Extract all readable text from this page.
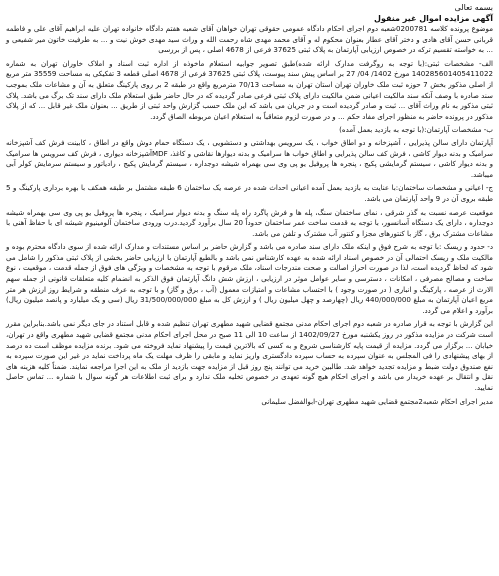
بسمه تعالی

آگهی مزایده اموال غیر منقول

موضوع پرونده کلاسه 0200781شعبه دوم اجرای احکام دادگاه عمومی حقوقی تهران خواهان آقای شعبه هفتم دادگاه خانواده تهران علیه ابراهیم آقای علی و فاطمه قربانی حسن آقای هادی و دختر آقای عطار بعنوان محکوم له و آقای محمد مهدی شاه رحمت الله و وراث سید مهدی خوش نیت و ... به طرفیت خاتون میر شفیعی و ... به خواسته تقسیم ترکه در خصوص ارزیابی آپارتمان به پلاک ثبتی 37625 فرعی از 4678 اصلی ، پس از بررسی

الف- مشخصات ثبتی:(با توجه به روگرفت مدارک ارائه شده)طبق تصویر جوابیه استعلام ماخوذه از اداره ثبت اسناد و املاک خاوران تهران به شماره 140285601405411022 مورخ 1402/ 04/ 27 بر اساس پیش سند پیوست، پلاک ثبتی 37625 فرعی از 4678 اصلی قطعه 3 تفکیکی به مساحت 35559 متر مربع از اصلی مذکور بخش 7 حوزه ثبت ملک خاوران تهران استان تهران به مساحت 70/13 مترمربع واقع در طبقه 2 بر روی پارکینگ متعلق به آن و مشاعات ملک بموجب سند صادره با وصف آنکه سند مالکیت اعیانی ضمن مالکیت دارای پلاک ثبتی فرعی صادر گردیده که در حال حاضر طبق استعلام ملک دارای سند تک برگ می باشد. پلاک ثبتی مذکور به نام وراث آقای ... ثبت و صادر گردیده است و در جریان می باشد که این ملک حسب گزارش واحد ثبتی از طریق ... بعنوان ملک غیر قابل ... که از پلاک مذکور در پرونده حاضر به منظور اجرای مفاد حکم ... و در صورت لزوم متعاقباً به استعلام اعیان مربوطه الصاق گردد.

ب- مشخصات آپارتمان:(با توجه به بازدید بعمل آمده)

آپارتمان دارای سالن پذیرایی ، آشپزخانه و دو اطاق خواب ، یک سرویس بهداشتی و دستشویی ، یک دستگاه حمام دوش واقع در اطاق ، کابینت فرش کف آشپزخانه سرامیک و بدنه دیوار کاشی ، فرش کف سالن پذیرایی و اطاق خواب ها سرامیک و بدنه دیوارها نقاشی و کاغذ، MDFآشپزخانه دیواری ، فرش کف سرویس ها سرامیک و بدنه دیوار کاشی ، سیستم گرمایشی پکیج ، پنجره ها پروفیل یو پی وی سی بهمراه شیشه دوجداره ، سیستم گرمایش پکیج ، رادیاتور و سیستم سرمایش کولر آبی میباشد.

ج- اعیانی و مشخصات ساختمان:با عنایت به بازدید بعمل آمده اعیانی احداث شده در عرصه یک ساختمان 6 طبقه مشتمل بر طبقه همکف با بهره برداری پارکینگ و 5 طبقه بروی آن در 9 واحد آپارتمان می باشد.

موقعیت عرصه نسبت به گذر شرقی ، نمای ساختمان سنگ، پله ها و فرش پاگرد راه پله سنگ و بدنه دیوار سرامیک ، پنجره ها پروفیل یو پی وی سی بهمراه شیشه دوجداره ، دارای یک دستگاه آسانسور، با توجه به قدمت ساخت عمر ساختمان حدوداً 20 سال برآورد گردید.درب ورودی ساختمان آلومینیوم شیشه ای با حفاظ آهنی با مشاعات مشترک برق ، گاز با کنتورهای مجزا و کنتور آب مشترک و تلفن می باشد.

د- حدود و ریسک :با توجه به شرح فوق و اینکه ملک دارای سند صادره می باشد و گزارش حاضر بر اساس مستندات و مدارک ارائه شده از سوی دادگاه محترم بوده و مالکیت ملک و ریسک احتمالی آن در خصوص اسناد ارائه شده به عهده کارشناس نمی باشد و بالطبع آپارتمان با ارزیابی حاضر بخشی از پلاک ثبتی مذکور را شامل می شود که لحاظ گردیده است، لذا در صورت احراز اصالت و صحت مندرجات اسناد، ملک مرقوم با توجه به مشخصات و ویژگی های فوق از جمله قدمت ، موقعیت ، نوع ساخت و مصالح مصرفی ، امکانات ، دسترسی و سایر عوامل موثر در ارزیابی ، ارزش شش دانگ آپارتمان فوق الذکر به انضمام کلیه متعلقات قانونی از جمله سهم الارث از عرصه ، پارکینگ و انباری ( در صورت وجود ) با احتساب مشاعات و امتیازات معمول (آب ، برق و گاز) و با توجه به عرف منطقه و شرایط روز ارزش هر متر مربع اعیان آپارتمان به مبلغ 440/000/000 ریال (چهارصد و چهل میلیون ریال ) و ارزش کل به مبلغ 31/500/000/000 ریال (سی و یک میلیارد و پانصد میلیون ریال) برآورد و اعلام می گردد.

این گزارش با توجه به قرار صادره در شعبه دوم اجرای احکام مدنی مجتمع قضایی شهید مطهری تهران تنظیم شده و قابل استناد در جای دیگر نمی باشد.بنابراین مقرر است شرکت در مزایده مذکور در روز یکشنبه مورخ 1402/09/27 از ساعت 10 الی 11 صبح در محل اجرای احکام مدنی مجتمع قضایی شهید مطهری واقع در تهران، خیابان ... برگزار می گردد. مزایده از قیمت پایه کارشناسی شروع و به کسی که بالاترین قیمت را پیشنهاد نماید فروخته می شود. برنده مزایده موظف است ده درصد از بهای پیشنهادی را فی المجلس به عنوان سپرده به حساب سپرده دادگستری واریز نماید و مابقی را ظرف مهلت یک ماه پرداخت نماید در غیر این صورت سپرده به نفع صندوق دولت ضبط و مزایده تجدید خواهد شد. طالبین خرید می توانند پنج روز قبل از مزایده جهت بازدید از ملک به این اجرا مراجعه نمایند. ضمناً کلیه هزینه های نقل و انتقال بر عهده خریدار می باشد و اجرای احکام هیچ گونه تعهدی در خصوص تخلیه ملک ندارد و برای ثبت اطلاعات هر گونه سوال با شماره ... تماس حاصل نمایید.

مدیر اجرای احکام شعبه2مجتمع قضایی شهید مطهری تهران-ابوالفضل سلیمانی
